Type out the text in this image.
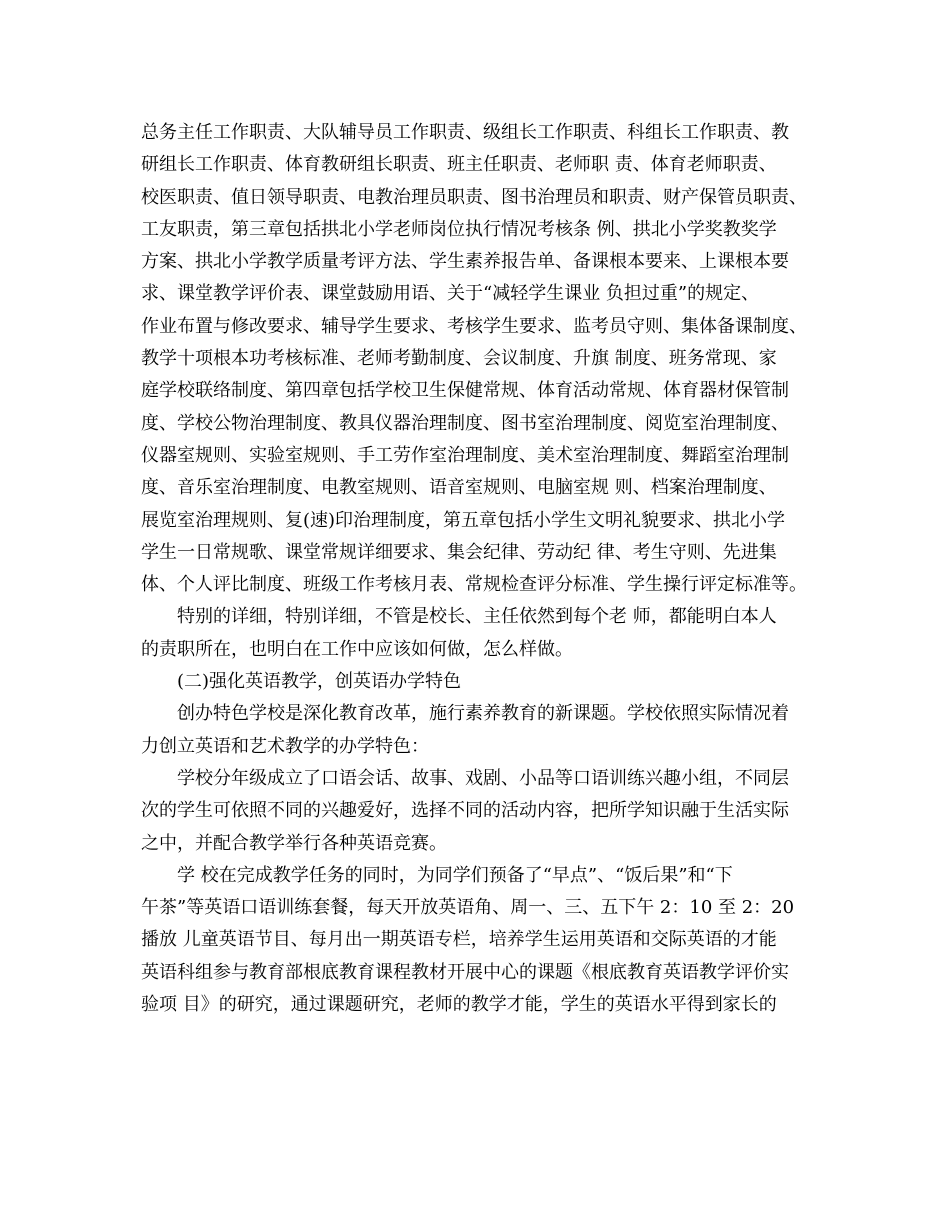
总务主任工作职责、大队辅导员工作职责、级组长工作职责、科组长工作职责、教
研组长工作职责、体育教研组长职责、班主任职责、老师职 责、体育老师职责、
校医职责、值日领导职责、电教治理员职责、图书治理员和职责、财产保管员职责、
工友职责，第三章包括拱北小学老师岗位执行情况考核条 例、拱北小学奖教奖学
方案、拱北小学教学质量考评方法、学生素养报告单、备课根本要来、上课根本要
求、课堂教学评价表、课堂鼓励用语、关于“减轻学生课业 负担过重”的规定、
作业布置与修改要求、辅导学生要求、考核学生要求、监考员守则、集体备课制度、
教学十项根本功考核标准、老师考勤制度、会议制度、升旗 制度、班务常现、家
庭学校联络制度、第四章包括学校卫生保健常规、体育活动常规、体育器材保管制
度、学校公物治理制度、教具仪器治理制度、图书室治理制度、阅览室治理制度、
仪器室规则、实验室规则、手工劳作室治理制度、美术室治理制度、舞蹈室治理制
度、音乐室治理制度、电教室规则、语音室规则、电脑室规 则、档案治理制度、
展览室治理规则、复(速)印治理制度，第五章包括小学生文明礼貌要求、拱北小学
学生一日常规歌、课堂常规详细要求、集会纪律、劳动纪 律、考生守则、先进集
体、个人评比制度、班级工作考核月表、常规检查评分标准、学生操行评定标准等。
特别的详细，特别详细，不管是校长、主任依然到每个老 师，都能明白本人
的责职所在，也明白在工作中应该如何做，怎么样做。
(二)强化英语教学，创英语办学特色
创办特色学校是深化教育改革，施行素养教育的新课题。学校依照实际情况着
力创立英语和艺术教学的办学特色：
学校分年级成立了口语会话、故事、戏剧、小品等口语训练兴趣小组，不同层
次的学生可依照不同的兴趣爱好，选择不同的活动内容，把所学知识融于生活实际
之中，并配合教学举行各种英语竞赛。
学 校在完成教学任务的同时，为同学们预备了“早点”、“饭后果”和“下
午茶”等英语口语训练套餐，每天开放英语角、周一、三、五下午 2：10 至 2：20
播放 儿童英语节目、每月出一期英语专栏，培养学生运用英语和交际英语的才能
英语科组参与教育部根底教育课程教材开展中心的课题《根底教育英语教学评价实
验项 目》的研究，通过课题研究，老师的教学才能，学生的英语水平得到家长的
